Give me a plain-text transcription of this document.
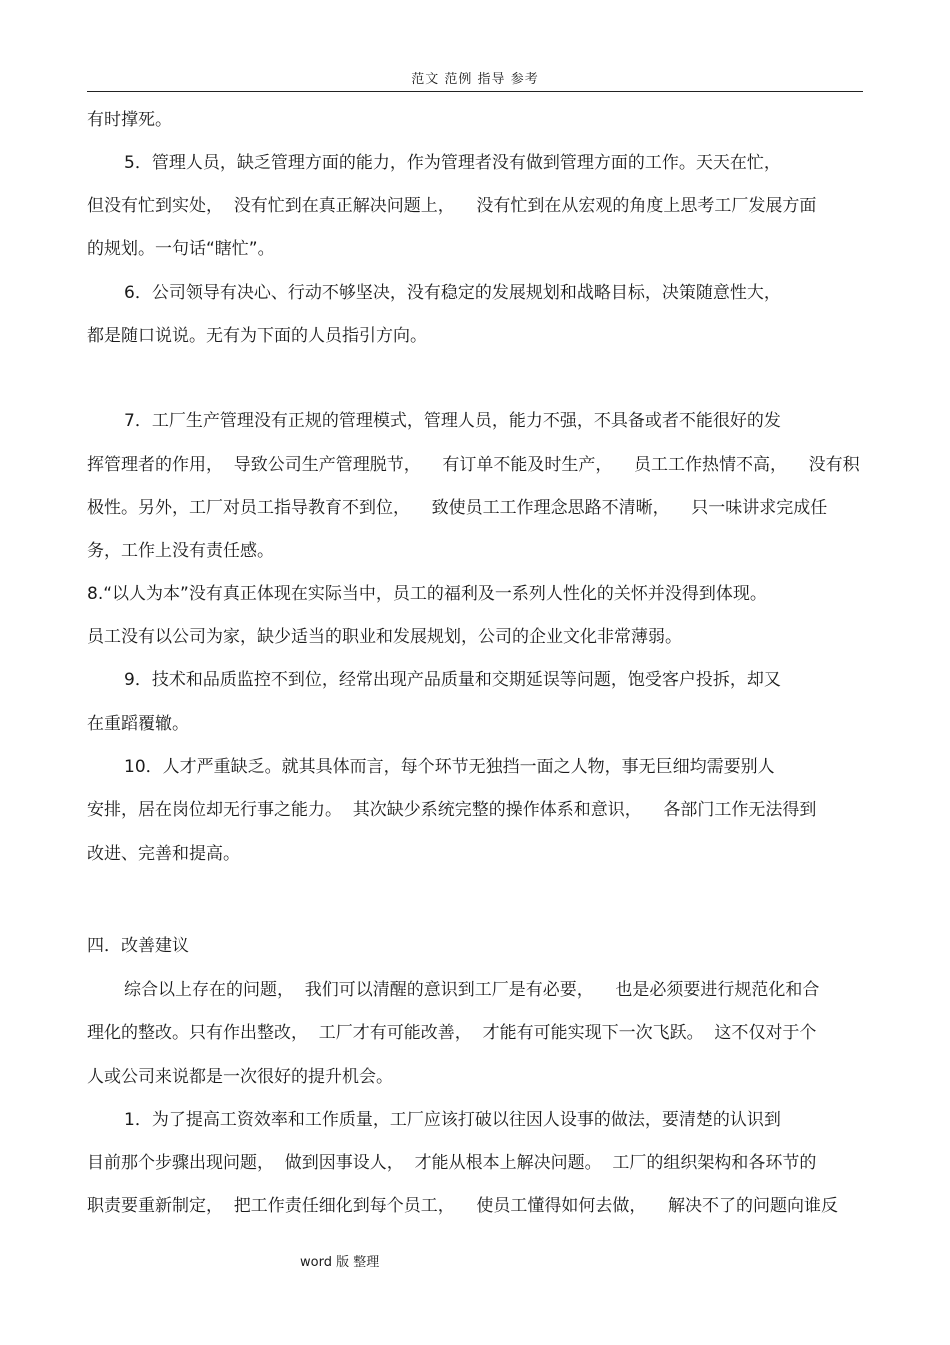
范文 范例 指导 参考
有时撑死。
5．管理人员，缺乏管理方面的能力，作为管理者没有做到管理方面的工作。天天在忙，
但没有忙到实处，  没有忙到在真正解决问题上，    没有忙到在从宏观的角度上思考工厂发展方面
的规划。一句话“瞎忙”。
6．公司领导有决心、行动不够坚决，没有稳定的发展规划和战略目标，决策随意性大，
都是随口说说。无有为下面的人员指引方向。
7．工厂生产管理没有正规的管理模式，管理人员，能力不强，不具备或者不能很好的发
挥管理者的作用，  导致公司生产管理脱节，    有订单不能及时生产，    员工工作热情不高，    没有积
极性。另外，工厂对员工指导教育不到位，    致使员工工作理念思路不清晰，    只一味讲求完成任
务，工作上没有责任感。
8.“以人为本”没有真正体现在实际当中，员工的福利及一系列人性化的关怀并没得到体现。
员工没有以公司为家，缺少适当的职业和发展规划，公司的企业文化非常薄弱。
9．技术和品质监控不到位，经常出现产品质量和交期延误等问题，饱受客户投拆，却又
在重蹈覆辙。
10．人才严重缺乏。就其具体而言，每个环节无独挡一面之人物，事无巨细均需要别人
安排，居在岗位却无行事之能力。  其次缺少系统完整的操作体系和意识，    各部门工作无法得到
改进、完善和提高。
四．改善建议
综合以上存在的问题，  我们可以清醒的意识到工厂是有必要，    也是必须要进行规范化和合
理化的整改。只有作出整改，  工厂才有可能改善，  才能有可能实现下一次飞跃。  这不仅对于个
人或公司来说都是一次很好的提升机会。
1．为了提高工资效率和工作质量，工厂应该打破以往因人设事的做法，要清楚的认识到
目前那个步骤出现问题，  做到因事设人，  才能从根本上解决问题。  工厂的组织架构和各环节的
职责要重新制定，  把工作责任细化到每个员工，    使员工懂得如何去做，    解决不了的问题向谁反
word 版 整理
